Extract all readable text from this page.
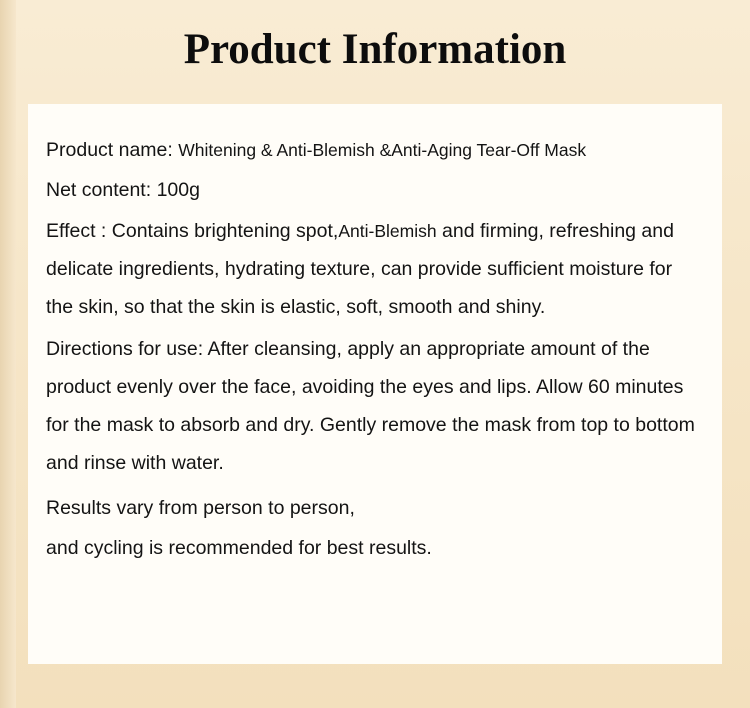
Product Information

Product name: Whitening & Anti-Blemish &Anti-Aging Tear-Off Mask

Net content: 100g

Effect : Contains brightening spot,Anti-Blemish and firming, refreshing and delicate ingredients, hydrating texture, can provide sufficient moisture for the skin, so that the skin is elastic, soft, smooth and shiny.

Directions for use: After cleansing, apply an appropriate amount of the product evenly over the face, avoiding the eyes and lips. Allow 60 minutes for the mask to absorb and dry. Gently remove the mask from top to bottom and rinse with water.

Results vary from person to person,

and cycling is recommended for best results.
